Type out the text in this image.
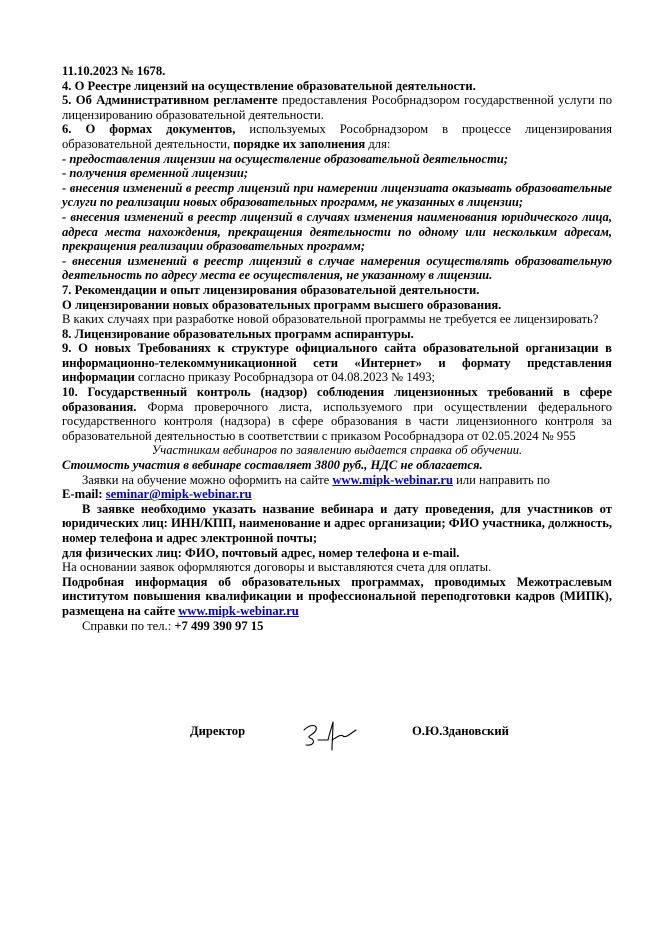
11.10.2023 № 1678.

4. О Реестре лицензий на осуществление образовательной деятельности.

5. Об Административном регламенте предоставления Рособрнадзором государственной услуги по лицензированию образовательной деятельности.

6. О формах документов, используемых Рособрнадзором в процессе лицензирования образовательной деятельности, порядке их заполнения для:

- предоставления лицензии на осуществление образовательной деятельности;

- получения временной лицензии;

- внесения изменений в реестр лицензий при намерении лицензиата оказывать образовательные услуги по реализации новых образовательных программ, не указанных в лицензии;

- внесения изменений в реестр лицензий в случаях изменения наименования юридического лица, адреса места нахождения, прекращения деятельности по одному или нескольким адресам, прекращения реализации образовательных программ;

- внесения изменений в реестр лицензий в случае намерения осуществлять образовательную деятельность по адресу места ее осуществления, не указанному в лицензии.

7. Рекомендации и опыт лицензирования образовательной деятельности.

О лицензировании новых образовательных программ высшего образования.

В каких случаях при разработке новой образовательной программы не требуется ее лицензировать?

8. Лицензирование образовательных программ аспирантуры.

9. О новых Требованиях к структуре официального сайта образовательной организации в информационно-телекоммуникационной сети «Интернет» и формату представления информации согласно приказу Рособрнадзора от 04.08.2023 № 1493;

10. Государственный контроль (надзор) соблюдения лицензионных требований в сфере образования. Форма проверочного листа, используемого при осуществлении федерального государственного контроля (надзора) в сфере образования в части лицензионного контроля за образовательной деятельностью в соответствии с приказом Рособрнадзора от 02.05.2024 № 955

Участникам вебинаров по заявлению выдается справка об обучении.

Стоимость участия в вебинаре составляет 3800 руб., НДС не облагается.

Заявки на обучение можно оформить на сайте www.mipk-webinar.ru или направить по

E-mail: seminar@mipk-webinar.ru

В заявке необходимо указать название вебинара и дату проведения, для участников от юридических лиц: ИНН/КПП, наименование и адрес организации; ФИО участника, должность, номер телефона и адрес электронной почты;

для физических лиц: ФИО, почтовый адрес, номер телефона и e-mail.

На основании заявок оформляются договоры и выставляются счета для оплаты.

Подробная информация об образовательных программах, проводимых Межотраслевым институтом повышения квалификации и профессиональной переподготовки кадров (МИПК), размещена на сайте www.mipk-webinar.ru

Справки по тел.: +7 499 390 97 15

Директор	О.Ю.Здановский
